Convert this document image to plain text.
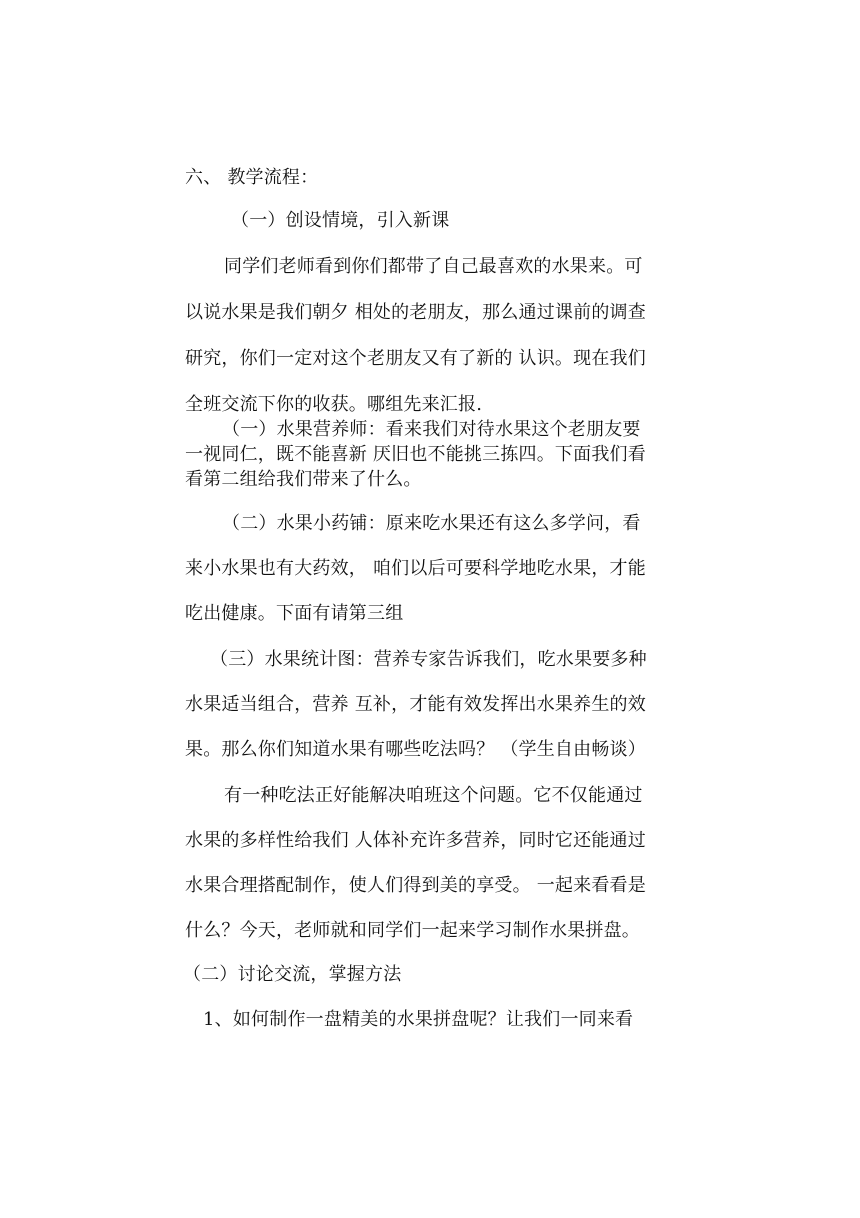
六、 教学流程：
（一）创设情境，引入新课
同学们老师看到你们都带了自己最喜欢的水果来。可
以说水果是我们朝夕 相处的老朋友，那么通过课前的调查
研究，你们一定对这个老朋友又有了新的 认识。现在我们
全班交流下你的收获。哪组先来汇报.
（一）水果营养师：看来我们对待水果这个老朋友要
一视同仁，既不能喜新 厌旧也不能挑三拣四。下面我们看
看第二组给我们带来了什么。
（二）水果小药铺：原来吃水果还有这么多学问，看
来小水果也有大药效， 咱们以后可要科学地吃水果，才能
吃出健康。下面有请第三组
（三）水果统计图：营养专家告诉我们，吃水果要多种
水果适当组合，营养 互补，才能有效发挥出水果养生的效
果。那么你们知道水果有哪些吃法吗？ （学生自由畅谈）
有一种吃法正好能解决咱班这个问题。它不仅能通过
水果的多样性给我们 人体补充许多营养，同时它还能通过
水果合理搭配制作，使人们得到美的享受。 一起来看看是
什么？今天，老师就和同学们一起来学习制作水果拼盘。
（二）讨论交流，掌握方法
1、如何制作一盘精美的水果拼盘呢？让我们一同来看
